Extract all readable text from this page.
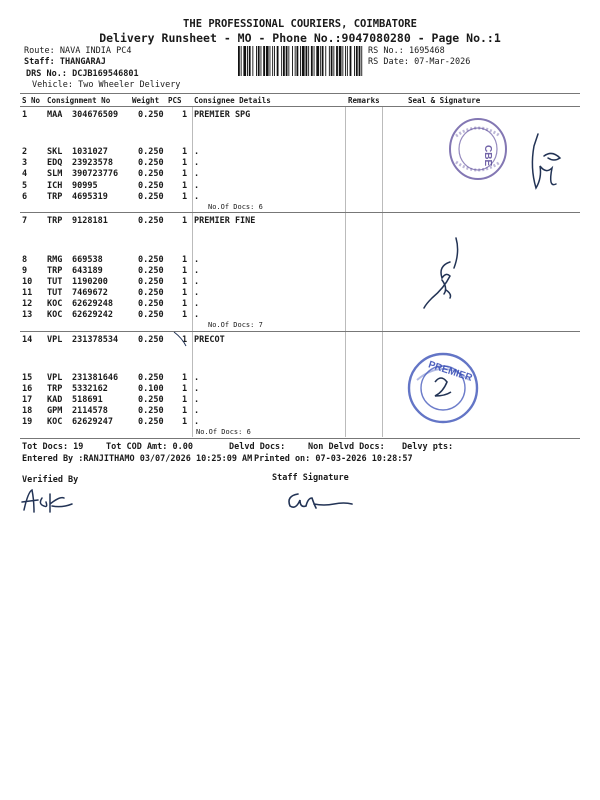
THE PROFESSIONAL COURIERS, COIMBATORE
Delivery Runsheet - MO - Phone No.:9047080280 - Page No.:1
Route: NAVA INDIA PC4
Staff: THANGARAJ
DRS No.: DCJB169546801
Vehicle: Two Wheeler Delivery
RS No.: 1695468
RS Date: 07-Mar-2026
S No Consignment No	Weight PCS Consignee Details	Remarks	Seal & Signature
1 MAA 304676509 0.250 1 PREMIER SPG
2 SKL 1031027	0.250 1 .
3 EDQ 23923578	0.250 1 .
4 SLM 390723776 0.250 1 .
5 ICH 90995	0.250 1 .
6 TRP 4695319	0.250 1 .
No.Of Docs: 6
7 TRP 9128181	0.250 1 PREMIER FINE
8 RMG 669538	0.250 1 .
9 TRP 643189	0.250 1 .
10 TUT 1190200	0.250 1 .
11 TUT 7469672	0.250 1 .
12 KOC 62629248	0.250 1 .
13 KOC 62629242	0.250 1 .
No.Of Docs: 7
14 VPL 231378534 0.250 1 PRECOT
15 VPL 231381646 0.250 1 .
16 TRP 5332162	0.100 1 .
17 KAD 518691	0.250 1 .
18 GPM 2114578	0.250 1 .
19 KOC 62629247	0.250 1 .
No.Of Docs: 6
Tot Docs: 19	Tot COD Amt: 0.00	Delvd Docs:	Non Delvd Docs: Delvy pts:
Entered By :RANJITHAMO 03/07/2026 10:25:09 AM Printed on: 07-03-2026 10:28:57
Verified By	Staff Signature
CBE
PREMIER
